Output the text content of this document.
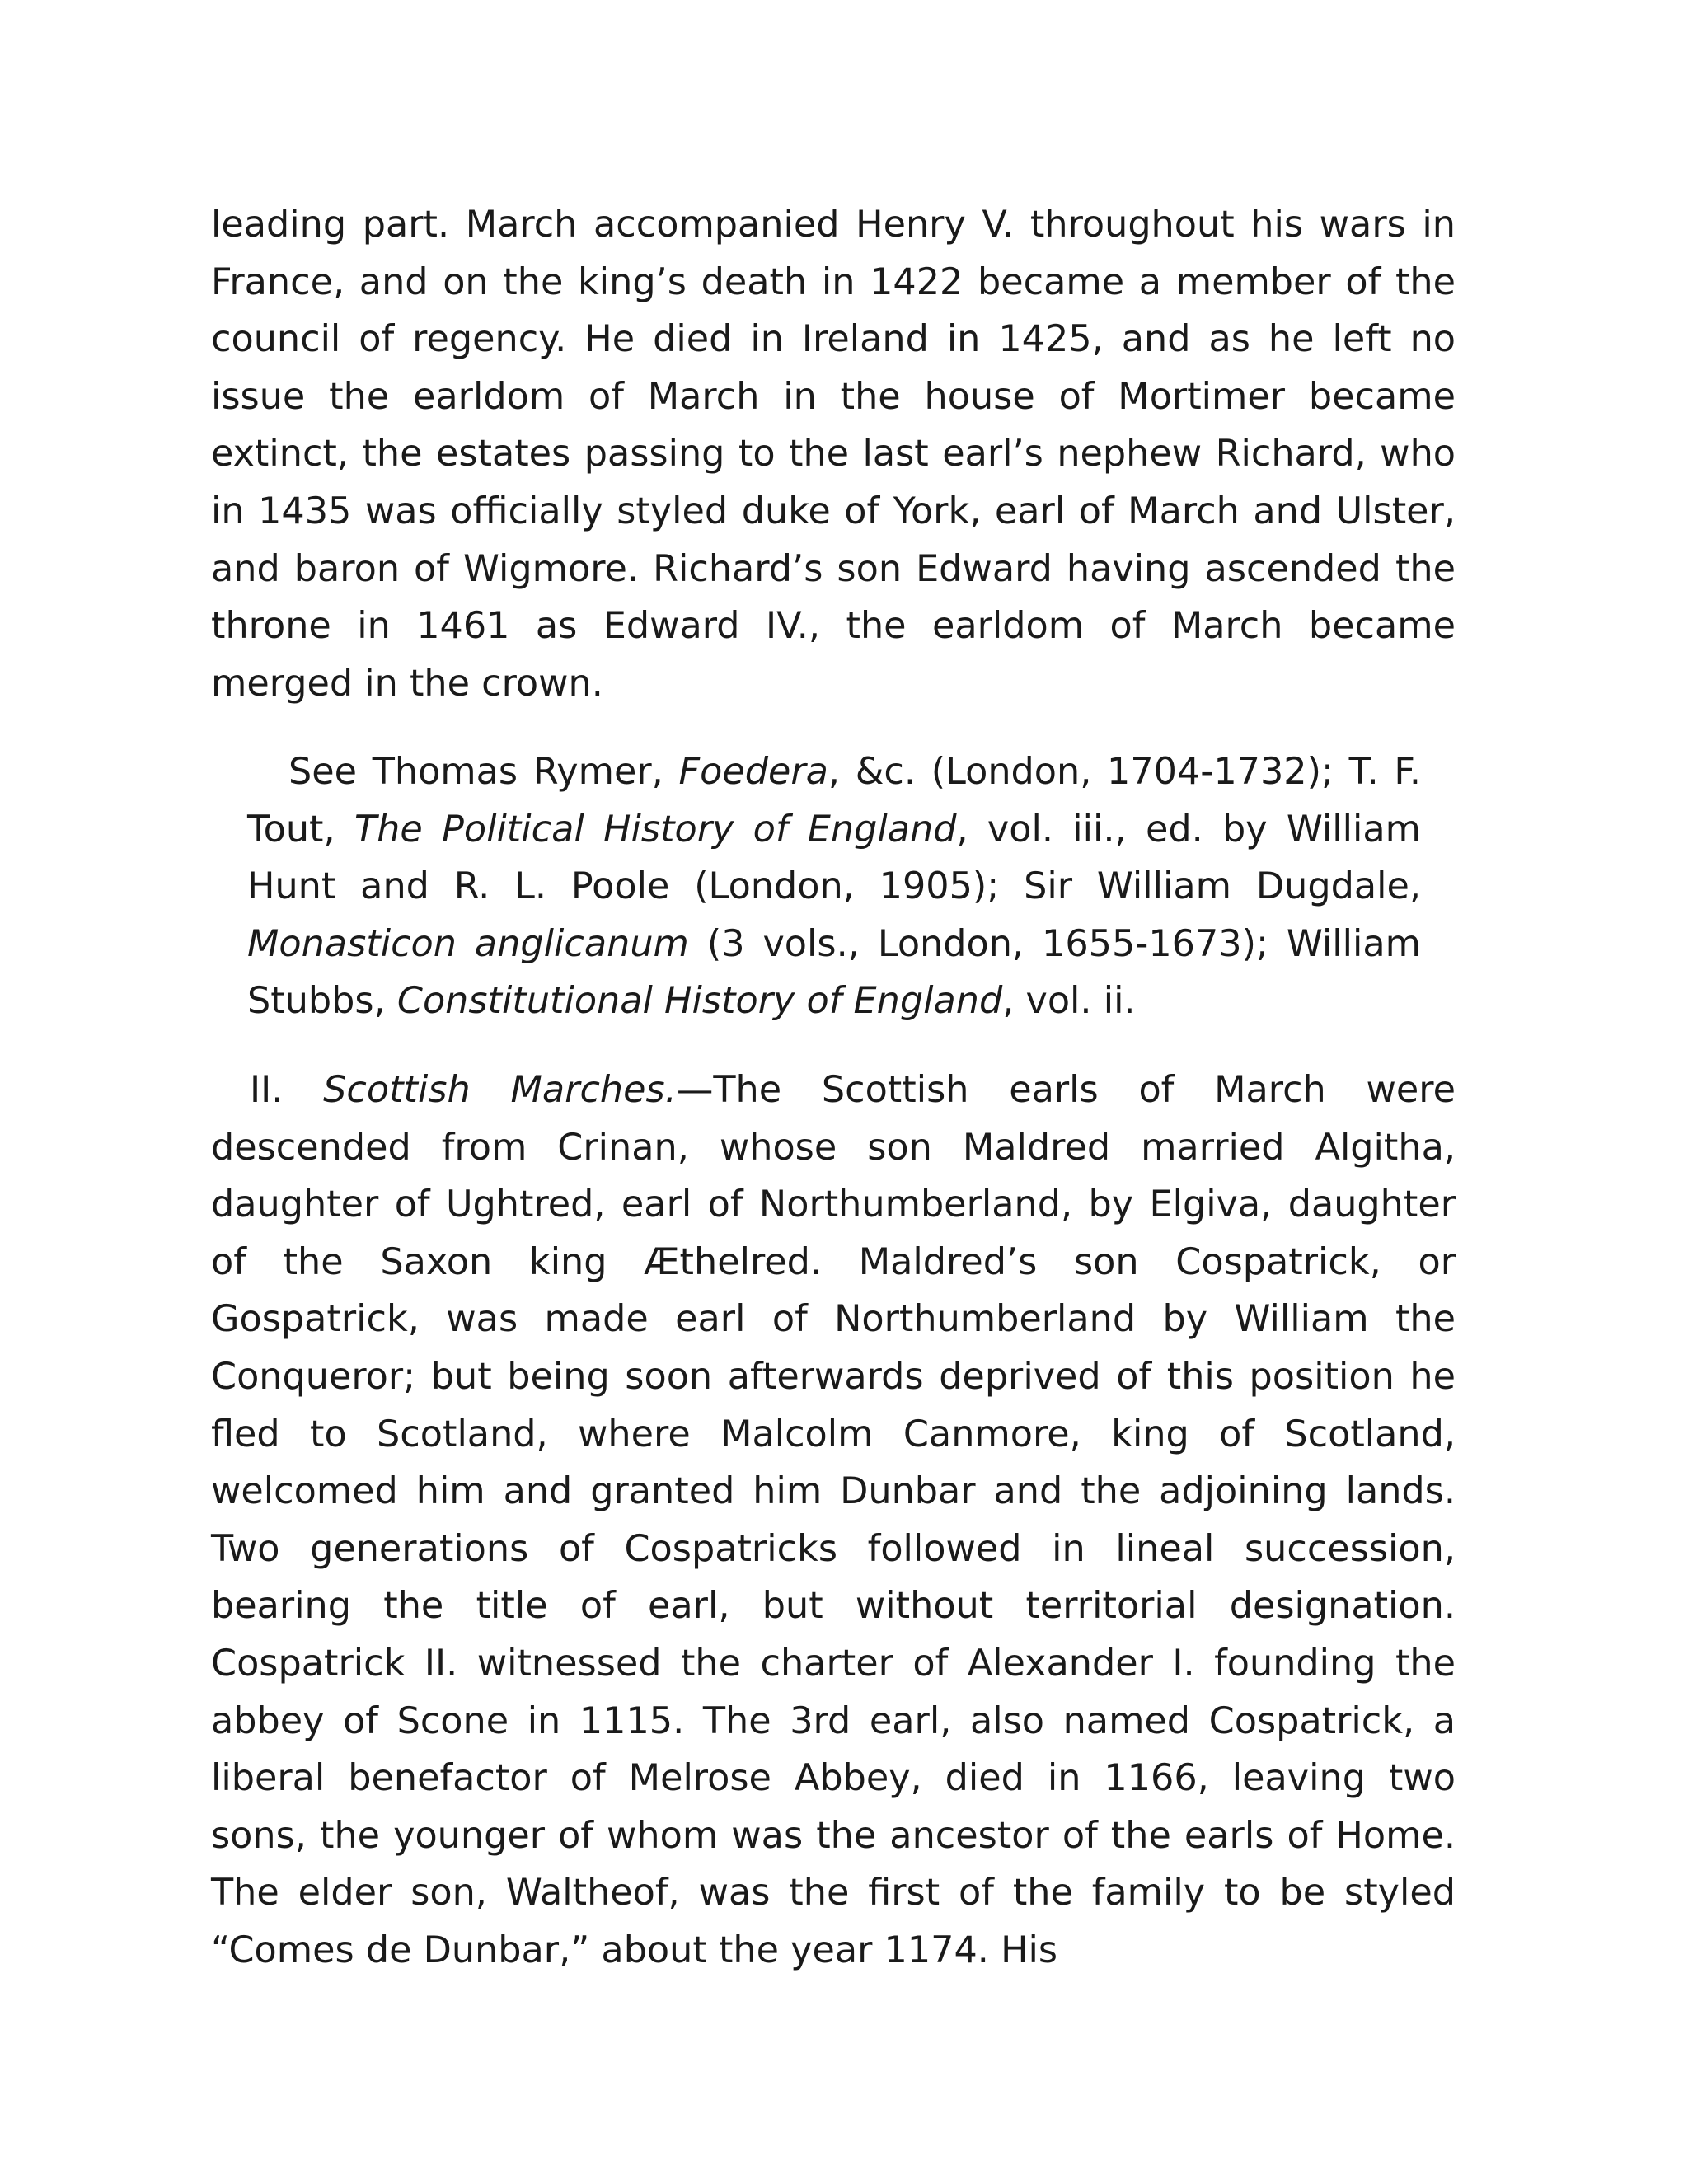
leading part. March accompanied Henry V. throughout his wars in France, and on the king’s death in 1422 became a member of the council of regency. He died in Ireland in 1425, and as he left no issue the earldom of March in the house of Mortimer became extinct, the estates passing to the last earl’s nephew Richard, who in 1435 was officially styled duke of York, earl of March and Ulster, and baron of Wigmore. Richard’s son Edward having ascended the throne in 1461 as Edward IV., the earldom of March became merged in the crown.

See Thomas Rymer, Foedera, &c. (London, 1704-1732); T. F. Tout, The Political History of England, vol. iii., ed. by William Hunt and R. L. Poole (London, 1905); Sir William Dugdale, Monasticon anglicanum (3 vols., London, 1655-1673); William Stubbs, Constitutional History of England, vol. ii.

II. Scottish Marches.—The Scottish earls of March were descended from Crinan, whose son Maldred married Algitha, daughter of Ughtred, earl of Northumberland, by Elgiva, daughter of the Saxon king Æthelred. Maldred’s son Cospatrick, or Gospatrick, was made earl of Northumberland by William the Conqueror; but being soon afterwards deprived of this position he fled to Scotland, where Malcolm Canmore, king of Scotland, welcomed him and granted him Dunbar and the adjoining lands. Two generations of Cospatricks followed in lineal succession, bearing the title of earl, but without territorial designation. Cospatrick II. witnessed the charter of Alexander I. founding the abbey of Scone in 1115. The 3rd earl, also named Cospatrick, a liberal benefactor of Melrose Abbey, died in 1166, leaving two sons, the younger of whom was the ancestor of the earls of Home. The elder son, Waltheof, was the first of the family to be styled “Comes de Dunbar,” about the year 1174. His
